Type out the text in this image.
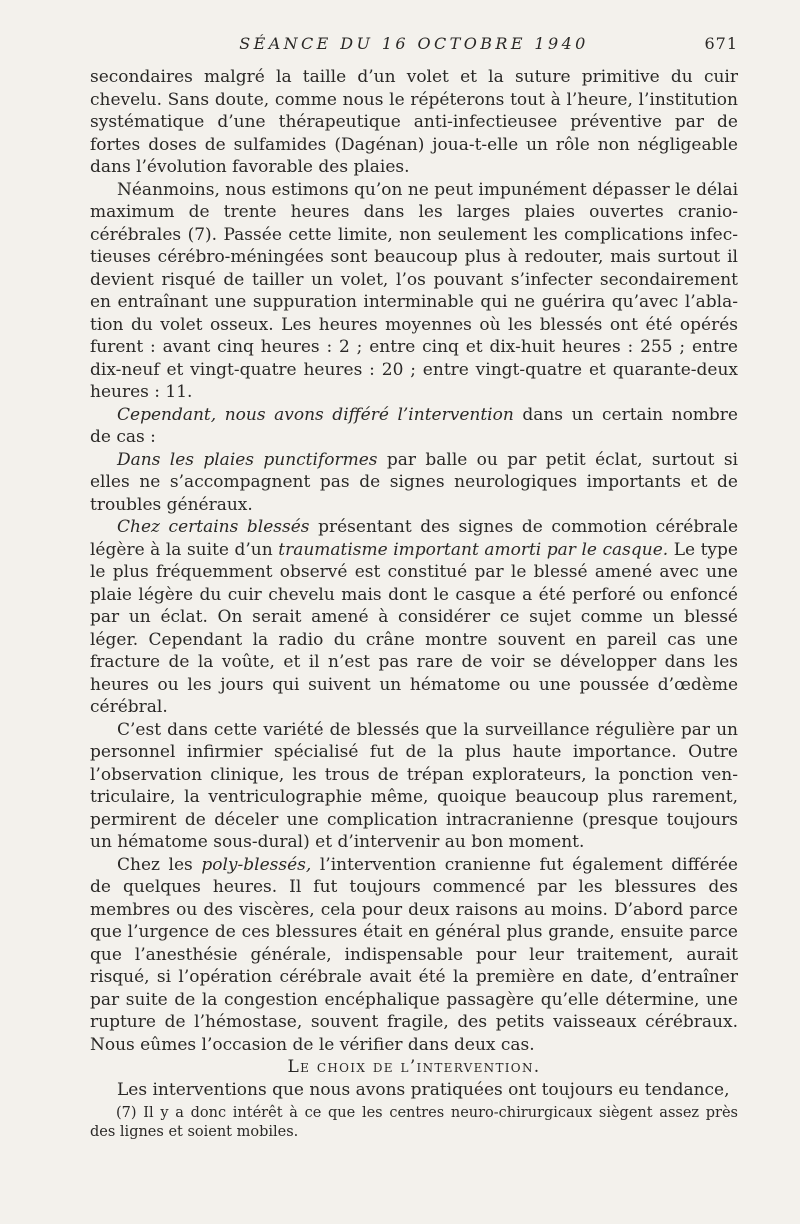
SÉANCE DU 16 OCTOBRE 1940	671

secondaires malgré la taille d’un volet et la suture primitive du cuir chevelu. Sans doute, comme nous le répéterons tout à l’heure, l’institution systématique d’une thérapeutique anti-infectieusee préventive par de fortes doses de sulfamides (Dagénan) joua-t-elle un rôle non négligeable dans l’évolution favorable des plaies.

Néanmoins, nous estimons qu’on ne peut impunément dépasser le délai maximum de trente heures dans les larges plaies ouvertes cranio-cérébrales (7). Passée cette limite, non seulement les complications infec-tieuses cérébro-méningées sont beaucoup plus à redouter, mais surtout il devient risqué de tailler un volet, l’os pouvant s’infecter secondairement en entraînant une suppuration interminable qui ne guérira qu’avec l’abla-tion du volet osseux. Les heures moyennes où les blessés ont été opérés furent : avant cinq heures : 2 ; entre cinq et dix-huit heures : 255 ; entre dix-neuf et vingt-quatre heures : 20 ; entre vingt-quatre et quarante-deux heures : 11.

Cependant, nous avons différé l’intervention dans un certain nombre de cas :

Dans les plaies punctiformes par balle ou par petit éclat, surtout si elles ne s’accompagnent pas de signes neurologiques importants et de troubles généraux.

Chez certains blessés présentant des signes de commotion cérébrale légère à la suite d’un traumatisme important amorti par le casque. Le type le plus fréquemment observé est constitué par le blessé amené avec une plaie légère du cuir chevelu mais dont le casque a été perforé ou enfoncé par un éclat. On serait amené à considérer ce sujet comme un blessé léger. Cependant la radio du crâne montre souvent en pareil cas une fracture de la voûte, et il n’est pas rare de voir se développer dans les heures ou les jours qui suivent un hématome ou une poussée d’œdème cérébral.

C’est dans cette variété de blessés que la surveillance régulière par un personnel infirmier spécialisé fut de la plus haute importance. Outre l’observation clinique, les trous de trépan explorateurs, la ponction ven-triculaire, la ventriculographie même, quoique beaucoup plus rarement, permirent de déceler une complication intracranienne (presque toujours un hématome sous-dural) et d’intervenir au bon moment.

Chez les poly-blessés, l’intervention cranienne fut également différée de quelques heures. Il fut toujours commencé par les blessures des membres ou des viscères, cela pour deux raisons au moins. D’abord parce que l’urgence de ces blessures était en général plus grande, ensuite parce que l’anesthésie générale, indispensable pour leur traitement, aurait risqué, si l’opération cérébrale avait été la première en date, d’entraîner par suite de la congestion encéphalique passagère qu’elle détermine, une rupture de l’hémostase, souvent fragile, des petits vaisseaux cérébraux. Nous eûmes l’occasion de le vérifier dans deux cas.

Le choix de l’intervention.

Les interventions que nous avons pratiquées ont toujours eu tendance,

(7) Il y a donc intérêt à ce que les centres neuro-chirurgicaux siègent assez près des lignes et soient mobiles.
